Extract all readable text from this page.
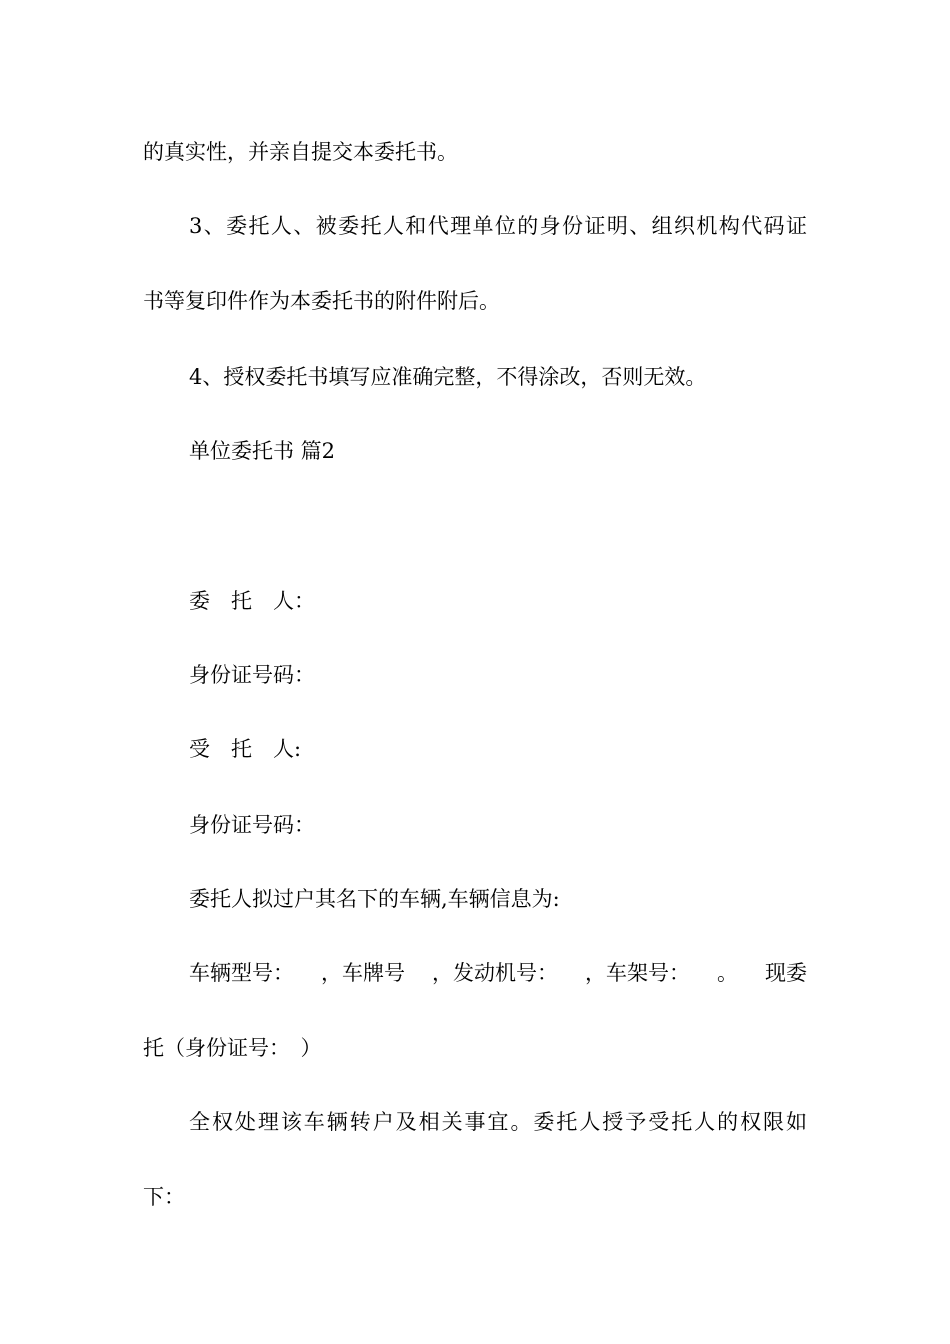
的真实性，并亲自提交本委托书。
3、委托人、被委托人和代理单位的身份证明、组织机构代码证
书等复印件作为本委托书的附件附后。
4、授权委托书填写应准确完整，不得涂改，否则无效。
单位委托书 篇2
委　托　人：
身份证号码：
受　托　人:
身份证号码：
委托人拟过户其名下的车辆,车辆信息为:
车辆型号： ，车牌号 ，发动机号： ，车架号： 。 现委
托（身份证号：　）
全权处理该车辆转户及相关事宜。委托人授予受托人的权限如
下：
